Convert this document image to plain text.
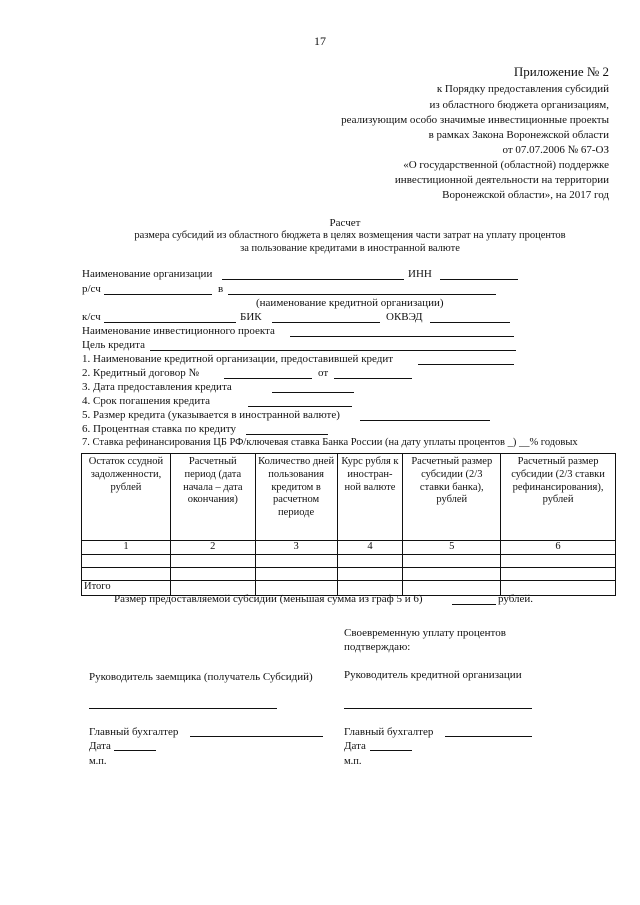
17
Приложение № 2
к Порядку предоставления субсидий
из областного бюджета организациям,
реализующим особо значимые инвестиционные проекты
в рамках Закона Воронежской области
от 07.07.2006 № 67-ОЗ
«О государственной (областной) поддержке
инвестиционной деятельности на территории
Воронежской области», на 2017 год
Расчет
размера субсидий из областного бюджета в целях возмещения части затрат на уплату процентов
за пользование кредитами в иностранной валюте
Наименование организации	ИНН
р/сч	в
(наименование кредитной организации)
к/сч	БИК	ОКВЭД
Наименование инвестиционного проекта
Цель кредита
1. Наименование кредитной организации, предоставившей кредит
2. Кредитный договор №	от
3. Дата предоставления кредита
4. Срок погашения кредита
5. Размер кредита (указывается в иностранной валюте)
6. Процентная ставка по кредиту
7. Ставка рефинансирования ЦБ РФ/ключевая ставка Банка России (на дату уплаты процентов _) __% годовых
Остаток ссудной задолженности, рублей	Расчетный период (дата начала – дата окончания)	Количество дней пользования кредитом в расчетном периоде	Курс рубля к иностран-ной валюте	Расчетный размер субсидии (2/3 ставки банка), рублей	Расчетный размер субсидии (2/3 ставки рефинансирования), рублей
1	2	3	4	5	6

Итого					
Размер предоставляемой субсидии (меньшая сумма из граф 5 и 6)	рублей.
Своевременную уплату процентов
подтверждаю:
Руководитель заемщика (получатель Субсидий)
Главный бухгалтер
Дата
м.п.
Руководитель кредитной организации
Главный бухгалтер
Дата
м.п.
